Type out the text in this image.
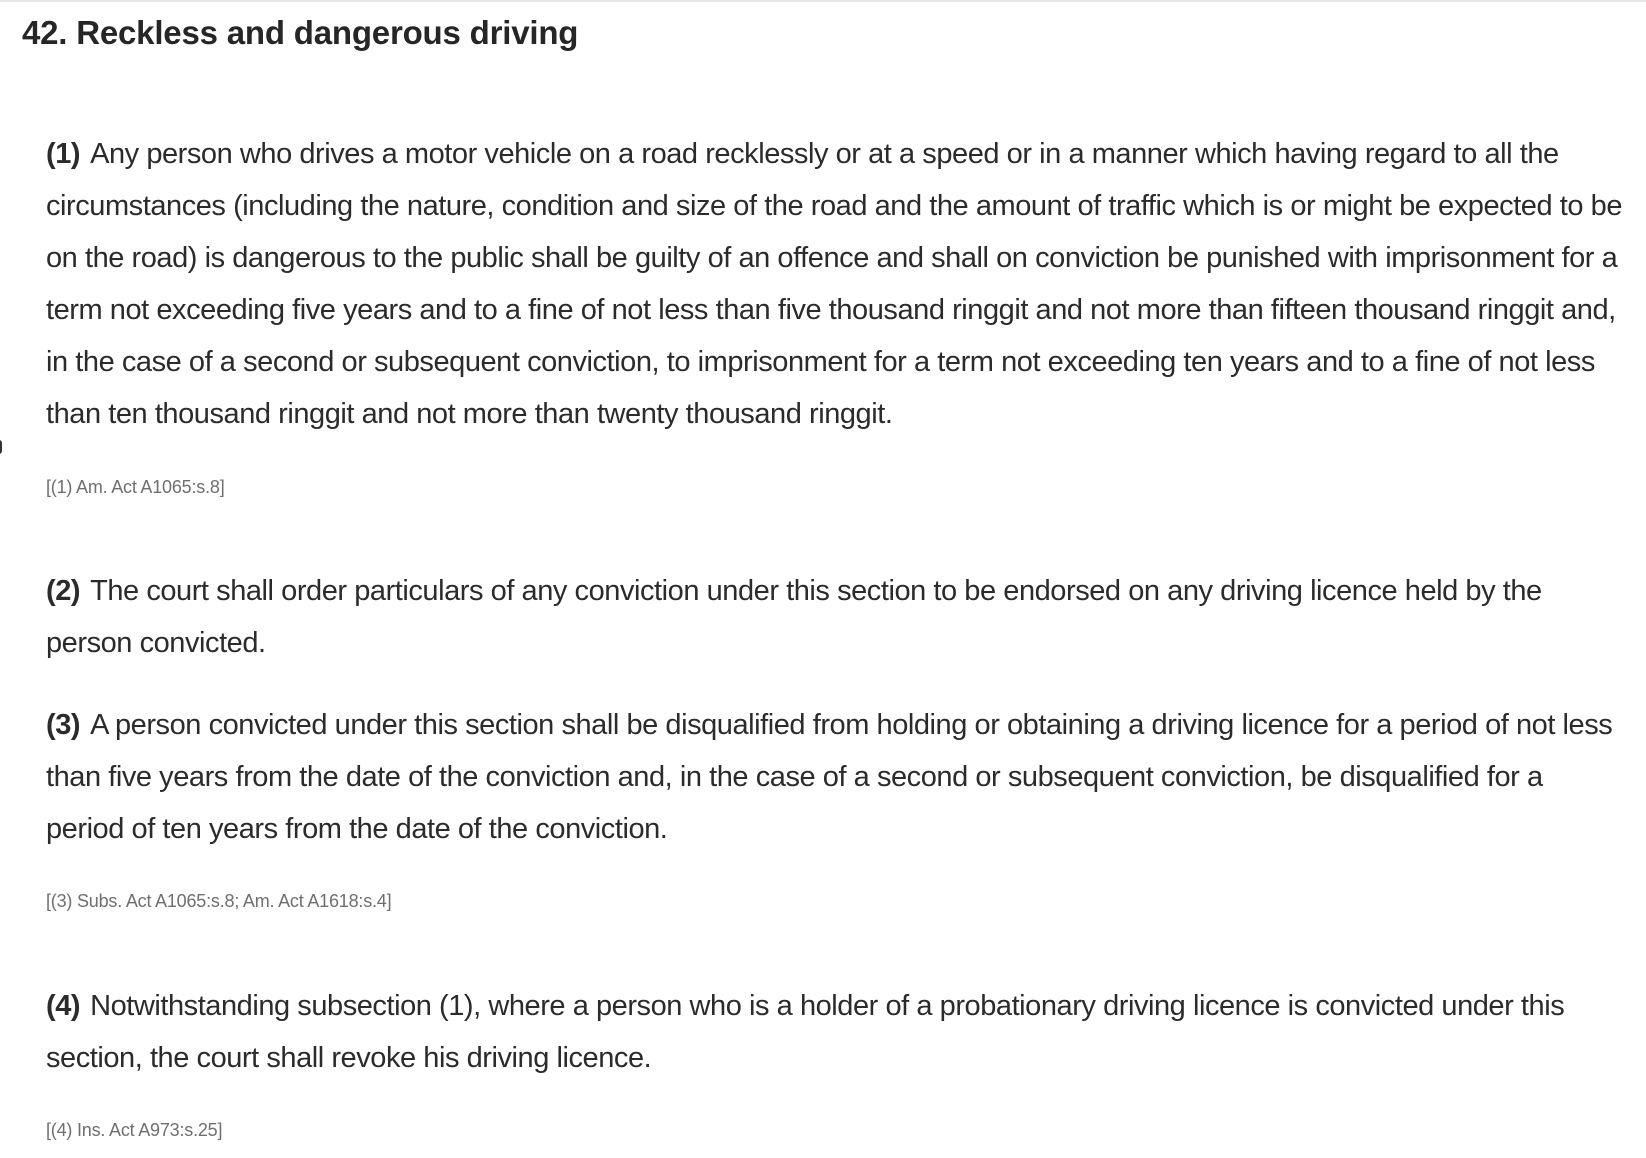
42. Reckless and dangerous driving

(1) Any person who drives a motor vehicle on a road recklessly or at a speed or in a manner which having regard to all the circumstances (including the nature, condition and size of the road and the amount of traffic which is or might be expected to be on the road) is dangerous to the public shall be guilty of an offence and shall on conviction be punished with imprisonment for a term not exceeding five years and to a fine of not less than five thousand ringgit and not more than fifteen thousand ringgit and, in the case of a second or subsequent conviction, to imprisonment for a term not exceeding ten years and to a fine of not less than ten thousand ringgit and not more than twenty thousand ringgit.

[(1) Am. Act A1065:s.8]

(2) The court shall order particulars of any conviction under this section to be endorsed on any driving licence held by the person convicted.

(3) A person convicted under this section shall be disqualified from holding or obtaining a driving licence for a period of not less than five years from the date of the conviction and, in the case of a second or subsequent conviction, be disqualified for a period of ten years from the date of the conviction.

[(3) Subs. Act A1065:s.8; Am. Act A1618:s.4]

(4) Notwithstanding subsection (1), where a person who is a holder of a probationary driving licence is convicted under this section, the court shall revoke his driving licence.

[(4) Ins. Act A973:s.25]
